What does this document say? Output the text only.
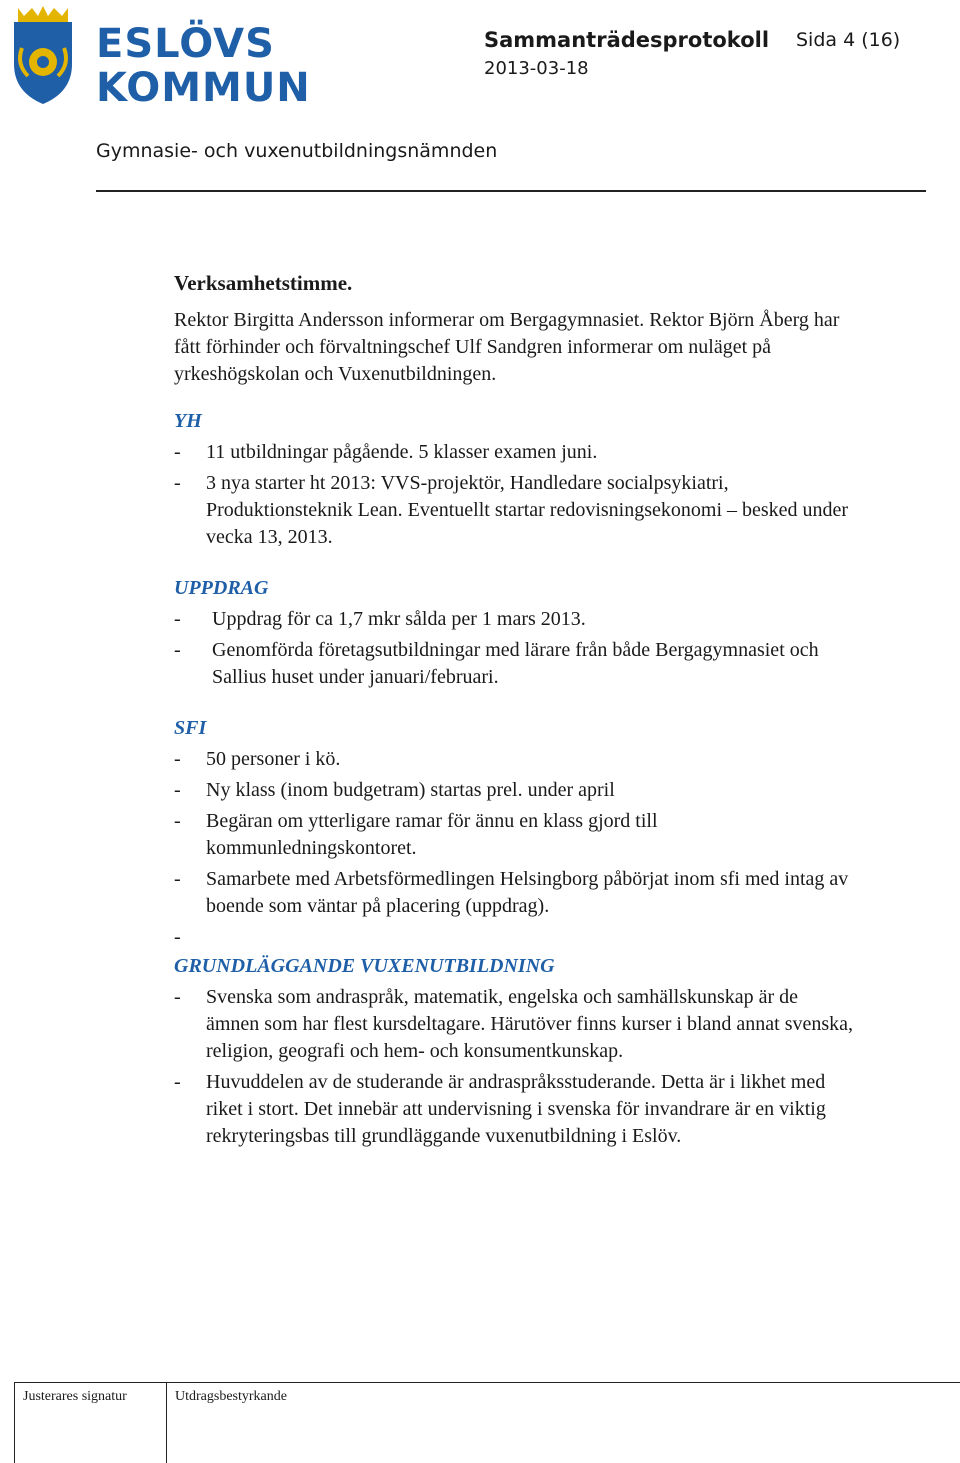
ESLÖVS
KOMMUN
Sammanträdesprotokoll Sida 4 (16)
2013-03-18
Gymnasie- och vuxenutbildningsnämnden
Verksamhetstimme.

Rektor Birgitta Andersson informerar om Bergagymnasiet. Rektor Björn Åberg har fått förhinder och förvaltningschef Ulf Sandgren informerar om nuläget på yrkeshögskolan och Vuxenutbildningen.

YH
- 11 utbildningar pågående. 5 klasser examen juni.
- 3 nya starter ht 2013: VVS-projektör, Handledare socialpsykiatri, Produktionsteknik Lean. Eventuellt startar redovisningsekonomi – besked under vecka 13, 2013.
UPPDRAG
- Uppdrag för ca 1,7 mkr sålda per 1 mars 2013.
- Genomförda företagsutbildningar med lärare från både Bergagymnasiet och Sallius huset under januari/februari.
SFI
- 50 personer i kö.
- Ny klass (inom budgetram) startas prel. under april
- Begäran om ytterligare ramar för ännu en klass gjord till kommunledningskontoret.
- Samarbete med Arbetsförmedlingen Helsingborg påbörjat inom sfi med intag av boende som väntar på placering (uppdrag).
-
GRUNDLÄGGANDE VUXENUTBILDNING
- Svenska som andraspråk, matematik, engelska och samhällskunskap är de ämnen som har flest kursdeltagare. Härutöver finns kurser i bland annat svenska, religion, geografi och hem- och konsumentkunskap.
- Huvuddelen av de studerande är andraspråksstuderande. Detta är i likhet med riket i stort. Det innebär att undervisning i svenska för invandrare är en viktig rekryteringsbas till grundläggande vuxenutbildning i Eslöv.
Justerares signatur	Utdragsbestyrkande
